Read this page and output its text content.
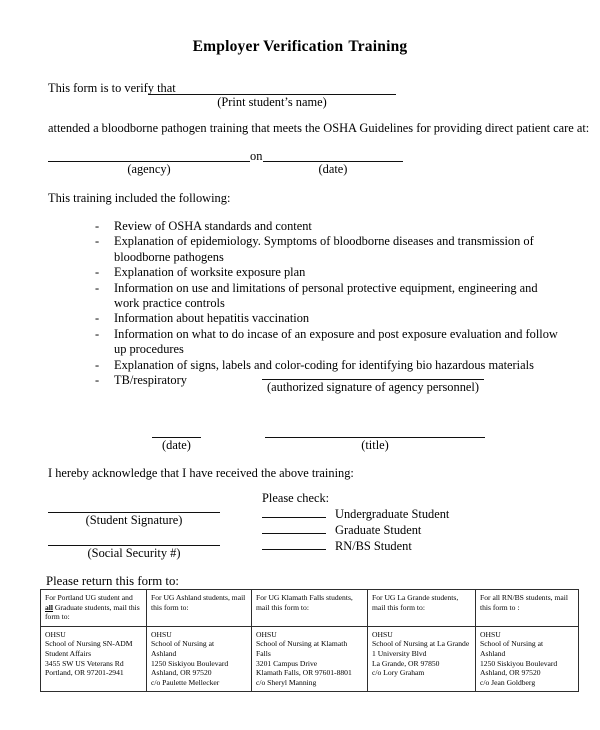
Employer Verification Training
This form is to verify that
(Print student’s name)
attended a bloodborne pathogen training that meets the OSHA Guidelines for providing direct patient care at:
on
(agency)	(date)
This training included the following:
-	Review of OSHA standards and content
-	Explanation of epidemiology. Symptoms of bloodborne diseases and transmission of bloodborne pathogens
-	Explanation of worksite exposure plan
-	Information on use and limitations of personal protective equipment, engineering and work practice controls
-	Information about hepatitis vaccination
-	Information on what to do incase of an exposure and post exposure evaluation and follow up procedures
-	Explanation of signs, labels and color-coding for identifying bio hazardous materials
-	TB/respiratory	(authorized signature of agency personnel)
(date)	(title)
I hereby acknowledge that I have received the above training:
(Student Signature)
(Social Security #)
Please check:
Undergraduate Student
Graduate Student
RN/BS Student
Please return this form to:
For Portland UG student and all Graduate students, mail this form to:	For UG Ashland students, mail this form to:	For UG Klamath Falls students, mail this form to:	For UG La Grande students, mail this form to:	For all RN/BS students, mail this form to :

OHSU
School of Nursing SN-ADM
Student Affairs
3455 SW US Veterans Rd
Portland, OR 97201-2941

OHSU
School of Nursing at
Ashland
1250 Siskiyou Boulevard
Ashland, OR 97520
c/o Paulette Mellecker

OHSU
School of Nursing at Klamath
Falls
3201 Campus Drive
Klamath Falls, OR 97601-8801
c/o Sheryl Manning

OHSU
School of Nursing at La Grande
1 University Blvd
La Grande, OR 97850
c/o Lory Graham

OHSU
School of Nursing at
Ashland
1250 Siskiyou Boulevard
Ashland, OR 97520
c/o Jean Goldberg
